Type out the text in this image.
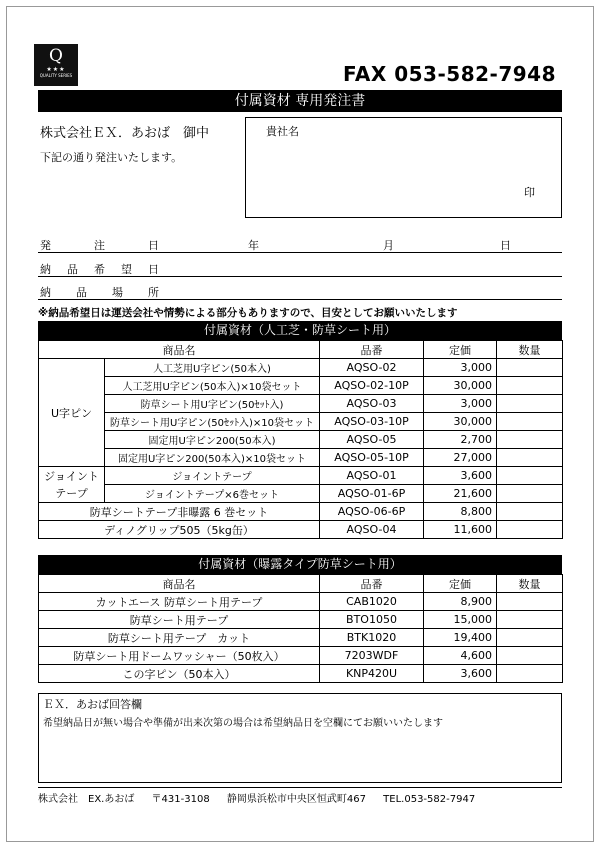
Q
★★★
QUALITY SERIES	FAX 053-582-7948
付属資材 専用発注書
株式会社ＥＸ．あおば　御中
下記の通り発注いたします。
貴社名
印
発	注	日	年	月	日
納 品 希 望 日
納 品 場 所
※納品希望日は運送会社や情勢による部分もありますので、目安としてお願いいたします
付属資材（人工芝・防草シート用）
商品名		品番	定価	数量
U字ピン	人工芝用U字ピン(50本入)	AQSO-02	3,000	
	人工芝用U字ピン(50本入)×10袋セット	AQSO-02-10P	30,000	
	防草シート用U字ピン(50ｾｯﾄ入)	AQSO-03	3,000	
	防草シート用U字ピン(50ｾｯﾄ入)×10袋セット	AQSO-03-10P	30,000	
	固定用U字ピン200(50本入)	AQSO-05	2,700	
	固定用U字ピン200(50本入)×10袋セット	AQSO-05-10P	27,000	
ジョイント	ジョイントテープ	AQSO-01	3,600	
テープ	ジョイントテープ×6巻セット	AQSO-01-6P	21,600	
防草シートテープ非曝露 6 巻セット		AQSO-06-6P	8,800	
ディノグリップ505（5kg缶）		AQSO-04	11,600	
付属資材（曝露タイプ防草シート用）
商品名	品番	定価	数量
カットエース 防草シート用テープ	CAB1020	8,900	
防草シート用テープ	BTO1050	15,000	
防草シート用テープ　カット	BTK1020	19,400	
防草シート用ドームワッシャー（50枚入）	7203WDF	4,600	
この字ピン（50本入）	KNP420U	3,600	
ＥＸ．あおば回答欄
希望納品日が無い場合や準備が出来次第の場合は希望納品日を空欄にてお願いいたします
株式会社　EX.あおば 〒431-3108 静岡県浜松市中央区恒武町467 TEL.053-582-7947
